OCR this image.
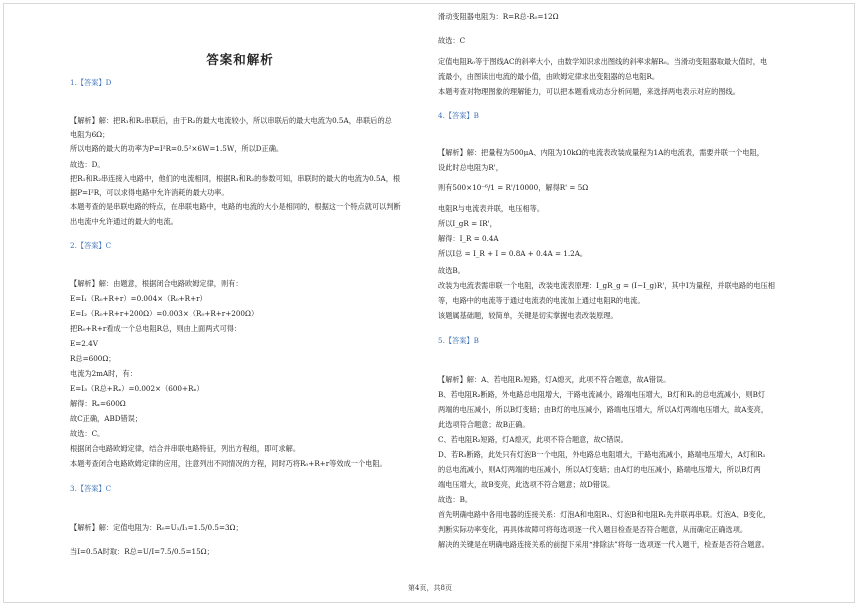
答案和解析
1.【答案】D
【解析】解：把R₁和R₂串联后，由于R₂的最大电流较小，所以串联后的最大电流为0.5A，串联后的总
电阻为6Ω；
所以电路的最大的功率为P=I²R=0.5²×6W=1.5W，所以D正确。
故选：D。
把R₁和R₂串连接入电路中，他们的电流相同，根据R₁和R₂的参数可知，串联时的最大的电流为0.5A，根
据P=I²R，可以求得电路中允许消耗的最大功率。
本题考查的是串联电路的特点，在串联电路中，电路的电流的大小是相同的，根据这一个特点就可以判断
出电流中允许通过的最大的电流。
2.【答案】C
【解析】解：由题意，根据闭合电路欧姆定律，则有：
E=I₁（R₀+R+r）=0.004×（R₀+R+r）
E=I₂（R₀+R+r+200Ω）=0.003×（R₀+R+r+200Ω）
把R₀+R+r看成一个总电阻R总，则由上面两式可得：
E=2.4V
R总=600Ω；
电流为2mA时，有：
E=I₃（R总+Rₓ）=0.002×（600+Rₓ）
解得：Rₓ=600Ω
故C正确，ABD错误；
故选：C。
根据闭合电路欧姆定律，结合并串联电路特征，列出方程组，即可求解。
本题考查闭合电路欧姆定律的应用，注意列出不同情况的方程，同时巧将R₀+R+r等效成一个电阻。
3.【答案】C
【解析】解：定值电阻为：R₀=U₁/I₁=1.5/0.5=3Ω；
当I=0.5A时取：R总=U/I=7.5/0.5=15Ω；
滑动变阻器电阻为：R=R总-R₀=12Ω
故选：C
定值电阻R₀等于图线AC的斜率大小，由数学知识求出图线的斜率求解R₀。当滑动变阻器取最大值时，电
流最小，由图读出电流的最小值，由欧姆定律求出变阻器的总电阻R。
本题考查对物理图象的理解能力，可以把本题看成动态分析问题，来选择两电表示对应的图线。
4.【答案】B
【解析】解：把量程为500μA、内阻为10kΩ的电流表改装成量程为1A的电流表，需要并联一个电阻，
设此时总电阻为R'，
则有500×10⁻⁶/1 = R'/10000，解得R' = 5Ω
电阻R与电流表并联，电压相等。
所以I_gR = IR'，
解得：I_R = 0.4A
所以I总 = I_R + I = 0.8A + 0.4A = 1.2A。
故选B。
改装为电流表需串联一个电阻，改装电流表原理：I_gR_g = (I−I_g)R'，其中I为量程，并联电路的电压相
等，电路中的电流等于通过电流表的电流加上通过电阻R的电流。
该题属基础题，较简单，关键是切实掌握电表改装原理。
5.【答案】B
【解析】解：A、若电阻R₁短路，灯A熄灭，此项不符合题意，故A错误。
B、若电阻R₂断路，外电路总电阻增大，干路电流减小，路端电压增大，B灯和R₁的总电流减小，则B灯
两端的电压减小，所以B灯变暗；由B灯的电压减小，路端电压增大，所以A灯两端电压增大，故A变亮，
此选项符合题意；故B正确。
C、若电阻R₂短路，灯A熄灭，此项不符合题意，故C错误。
D、若R₃断路，此处只有灯泡B一个电阻，外电路总电阻增大，干路电流减小，路端电压增大，A灯和R₁
的总电流减小，则A灯两端的电压减小，所以A灯变暗；由A灯的电压减小，路端电压增大，所以B灯两
端电压增大，故B变亮，此选项不符合题意；故D错误。
故选：B。
首先明确电路中各用电器的连接关系：灯泡A和电阻R₁、灯泡B和电阻R₁先并联再串联。灯泡A、B变化，
判断实际功率变化，再具体故障可将每选项逐一代入题目检查是否符合题意，从而确定正确选项。
解决的关键是在明确电路连接关系的前提下采用“排除法”将每一选项逐一代入题干，检查是否符合题意。
第4页，共8页
